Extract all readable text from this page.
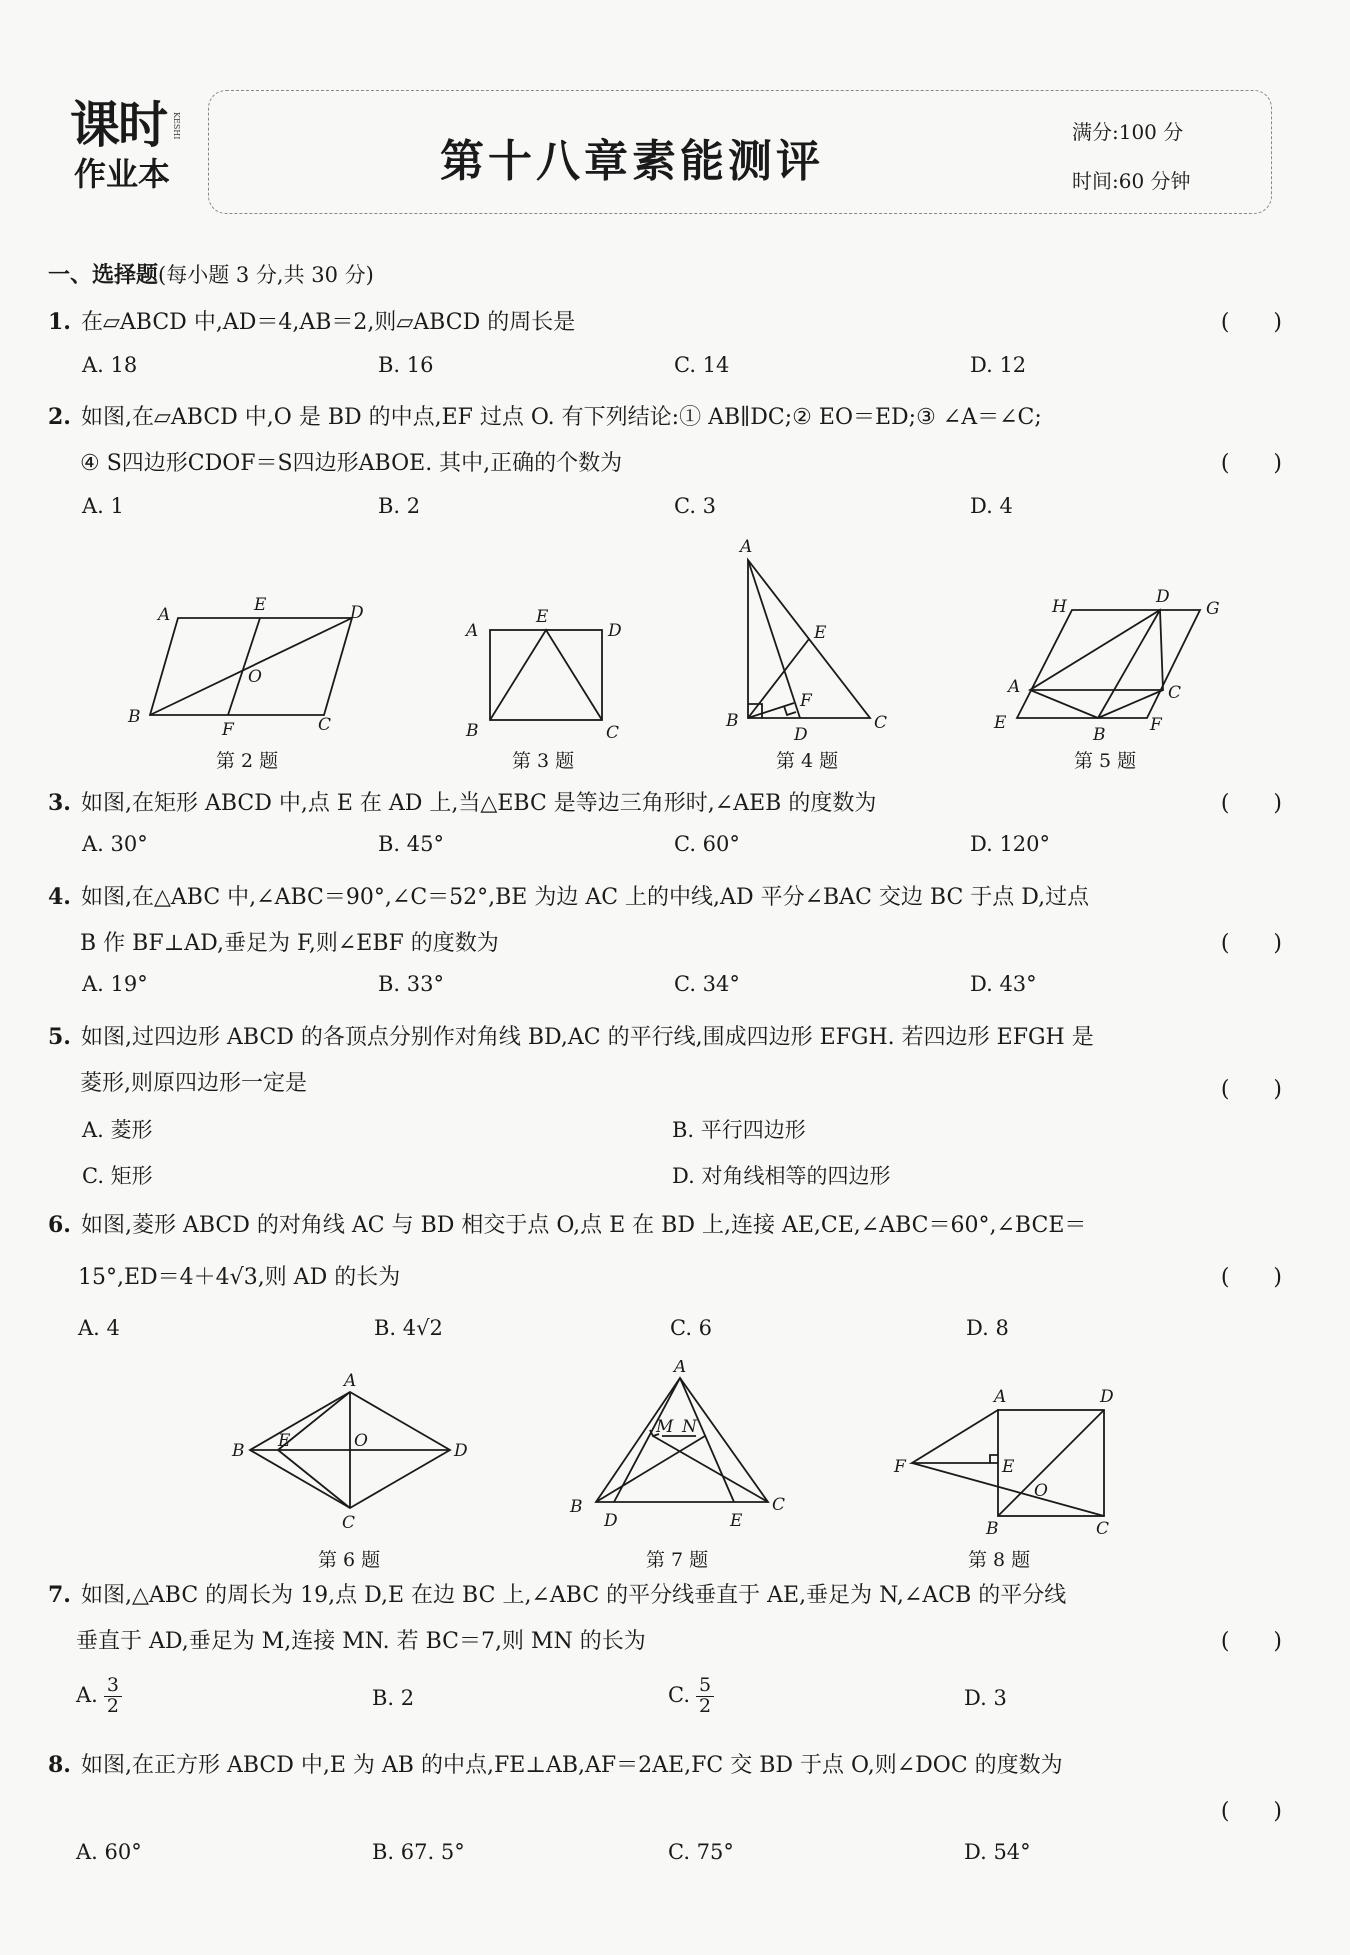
课时
作业本
KESHI
第十八章素能测评
满分:100 分
时间:60 分钟
一、选择题(每小题 3 分,共 30 分)
1. 在▱ABCD 中,AD＝4,AB＝2,则▱ABCD 的周长是	(　　)
A. 18	B. 16	C. 14	D. 12
2. 如图,在▱ABCD 中,O 是 BD 的中点,EF 过点 O. 有下列结论:① AB∥DC;② EO＝ED;③ ∠A＝∠C;
④ S四边形CDOF＝S四边形ABOE. 其中,正确的个数为	(　　)
A. 1	B. 2	C. 3	D. 4
A	E	D
O
B
F	C
A
E
D
B	C
A
E
F
B
D
C
H	D
G
A	C
E
B	F
第 2 题	第 3 题	第 4 题	第 5 题
3. 如图,在矩形 ABCD 中,点 E 在 AD 上,当△EBC 是等边三角形时,∠AEB 的度数为	(　　)
A. 30°	B. 45°	C. 60°	D. 120°
4. 如图,在△ABC 中,∠ABC＝90°,∠C＝52°,BE 为边 AC 上的中线,AD 平分∠BAC 交边 BC 于点 D,过点
B 作 BF⊥AD,垂足为 F,则∠EBF 的度数为	(　　)
A. 19°	B. 33°	C. 34°	D. 43°
5. 如图,过四边形 ABCD 的各顶点分别作对角线 BD,AC 的平行线,围成四边形 EFGH. 若四边形 EFGH 是
菱形,则原四边形一定是	(　　)
A. 菱形	B. 平行四边形
C. 矩形	D. 对角线相等的四边形
6. 如图,菱形 ABCD 的对角线 AC 与 BD 相交于点 O,点 E 在 BD 上,连接 AE,CE,∠ABC＝60°,∠BCE＝
15°,ED＝4＋4√3,则 AD 的长为	(　　)
A. 4	B. 4√2	C. 6	D. 8
A
B E	O	D
C
A
M N
B
D	E
C
A	D
F	E
O
B	C
第 6 题	第 7 题	第 8 题
7. 如图,△ABC 的周长为 19,点 D,E 在边 BC 上,∠ABC 的平分线垂直于 AE,垂足为 N,∠ACB 的平分线
垂直于 AD,垂足为 M,连接 MN. 若 BC＝7,则 MN 的长为	(　　)
A. $\frac{3}{2}$	B. 2	C. $\frac{5}{2}$	D. 3
8. 如图,在正方形 ABCD 中,E 为 AB 的中点,FE⊥AB,AF＝2AE,FC 交 BD 于点 O,则∠DOC 的度数为
(　　)
A. 60°	B. 67. 5°	C. 75°	D. 54°
